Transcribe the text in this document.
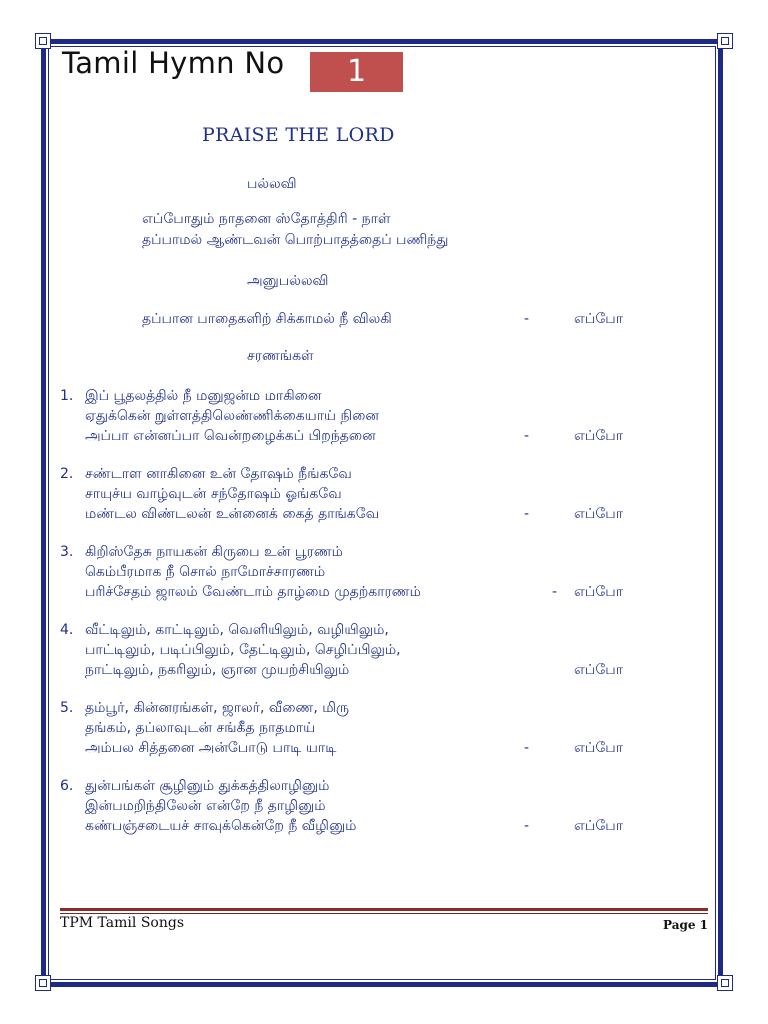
Tamil Hymn No	1
PRAISE THE LORD
பல்லவி
எப்போதும் நாதனை ஸ்தோத்திரி - நாள்
தப்பாமல் ஆண்டவன் பொற்பாதத்தைப் பணிந்து
அனுபல்லவி
தப்பான பாதைகளிற் சிக்காமல் நீ விலகி	-	எப்போ
சரணங்கள்
1. இப் பூதலத்தில் நீ மனுஜன்ம மாகினை
ஏதுக்கென் றுள்ளத்திலெண்ணிக்கையாய் நினை
அப்பா என்னப்பா வென்றழைக்கப் பிறந்தனை	-	எப்போ
2. சண்டாள னாகினை உன் தோஷம் நீங்கவே
சாயுச்ய வாழ்வுடன் சந்தோஷம் ஓங்கவே
மண்டல விண்டலன் உன்னைக் கைத் தாங்கவே	-	எப்போ
3. கிறிஸ்தேசு நாயகன் கிருபை உன் பூரணம்
கெம்பீரமாக நீ சொல் நாமோச்சாரணம்
பரிச்சேதம் ஜாலம் வேண்டாம் தாழ்மை முதற்காரணம்	- எப்போ
4. வீட்டிலும், காட்டிலும், வெளியிலும், வழியிலும்,
பாட்டிலும், படிப்பிலும், தேட்டிலும், செழிப்பிலும்,
நாட்டிலும், நகரிலும், ஞான முயற்சியிலும்	எப்போ
5. தம்பூர், கின்னரங்கள், ஜாலர், வீணை, மிரு
தங்கம், தப்லாவுடன் சங்கீத நாதமாய்
அம்பல சித்தனை அன்போடு பாடி யாடி	-	எப்போ
6. துன்பங்கள் சூழினும் துக்கத்திலாழினும்
இன்பமறிந்திலேன் என்றே நீ தாழினும்
கண்பஞ்சடையச் சாவுக்கென்றே நீ வீழினும்	-	எப்போ
TPM Tamil Songs	Page 1
